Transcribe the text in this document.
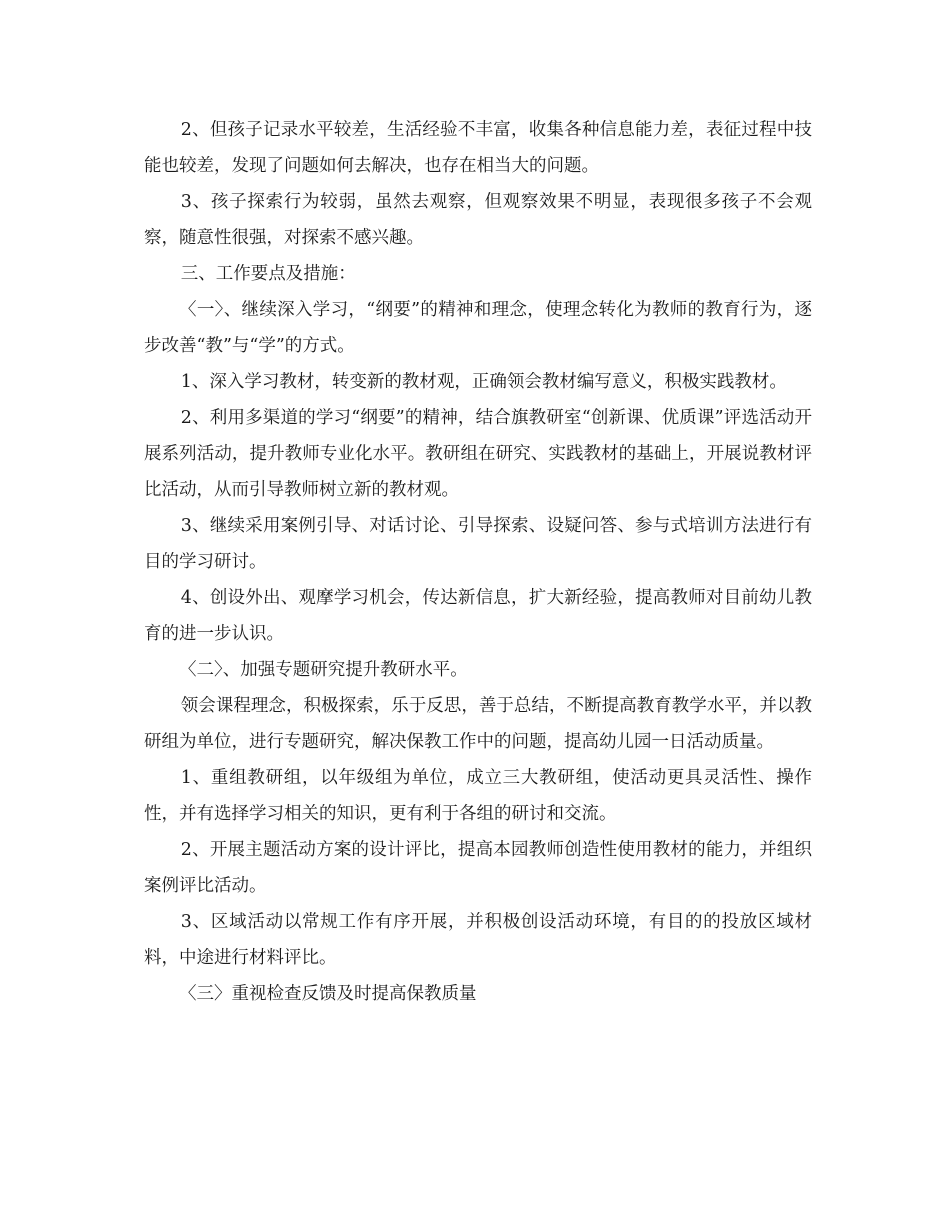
2、但孩子记录水平较差，生活经验不丰富，收集各种信息能力差，表征过程中技能也较差，发现了问题如何去解决，也存在相当大的问题。

3、孩子探索行为较弱，虽然去观察，但观察效果不明显，表现很多孩子不会观察，随意性很强，对探索不感兴趣。

三、工作要点及措施：

〈一〉、继续深入学习，“纲要”的精神和理念，使理念转化为教师的教育行为，逐步改善“教”与“学”的方式。

1、深入学习教材，转变新的教材观，正确领会教材编写意义，积极实践教材。

2、利用多渠道的学习“纲要”的精神，结合旗教研室“创新课、优质课”评选活动开展系列活动，提升教师专业化水平。教研组在研究、实践教材的基础上，开展说教材评比活动，从而引导教师树立新的教材观。

3、继续采用案例引导、对话讨论、引导探索、设疑问答、参与式培训方法进行有目的学习研讨。

4、创设外出、观摩学习机会，传达新信息，扩大新经验，提高教师对目前幼儿教育的进一步认识。

〈二〉、加强专题研究提升教研水平。

领会课程理念，积极探索，乐于反思，善于总结，不断提高教育教学水平，并以教研组为单位，进行专题研究，解决保教工作中的问题，提高幼儿园一日活动质量。

1、重组教研组，以年级组为单位，成立三大教研组，使活动更具灵活性、操作性，并有选择学习相关的知识，更有利于各组的研讨和交流。

2、开展主题活动方案的设计评比，提高本园教师创造性使用教材的能力，并组织案例评比活动。

3、区域活动以常规工作有序开展，并积极创设活动环境，有目的的投放区域材料，中途进行材料评比。

〈三〉重视检查反馈及时提高保教质量
